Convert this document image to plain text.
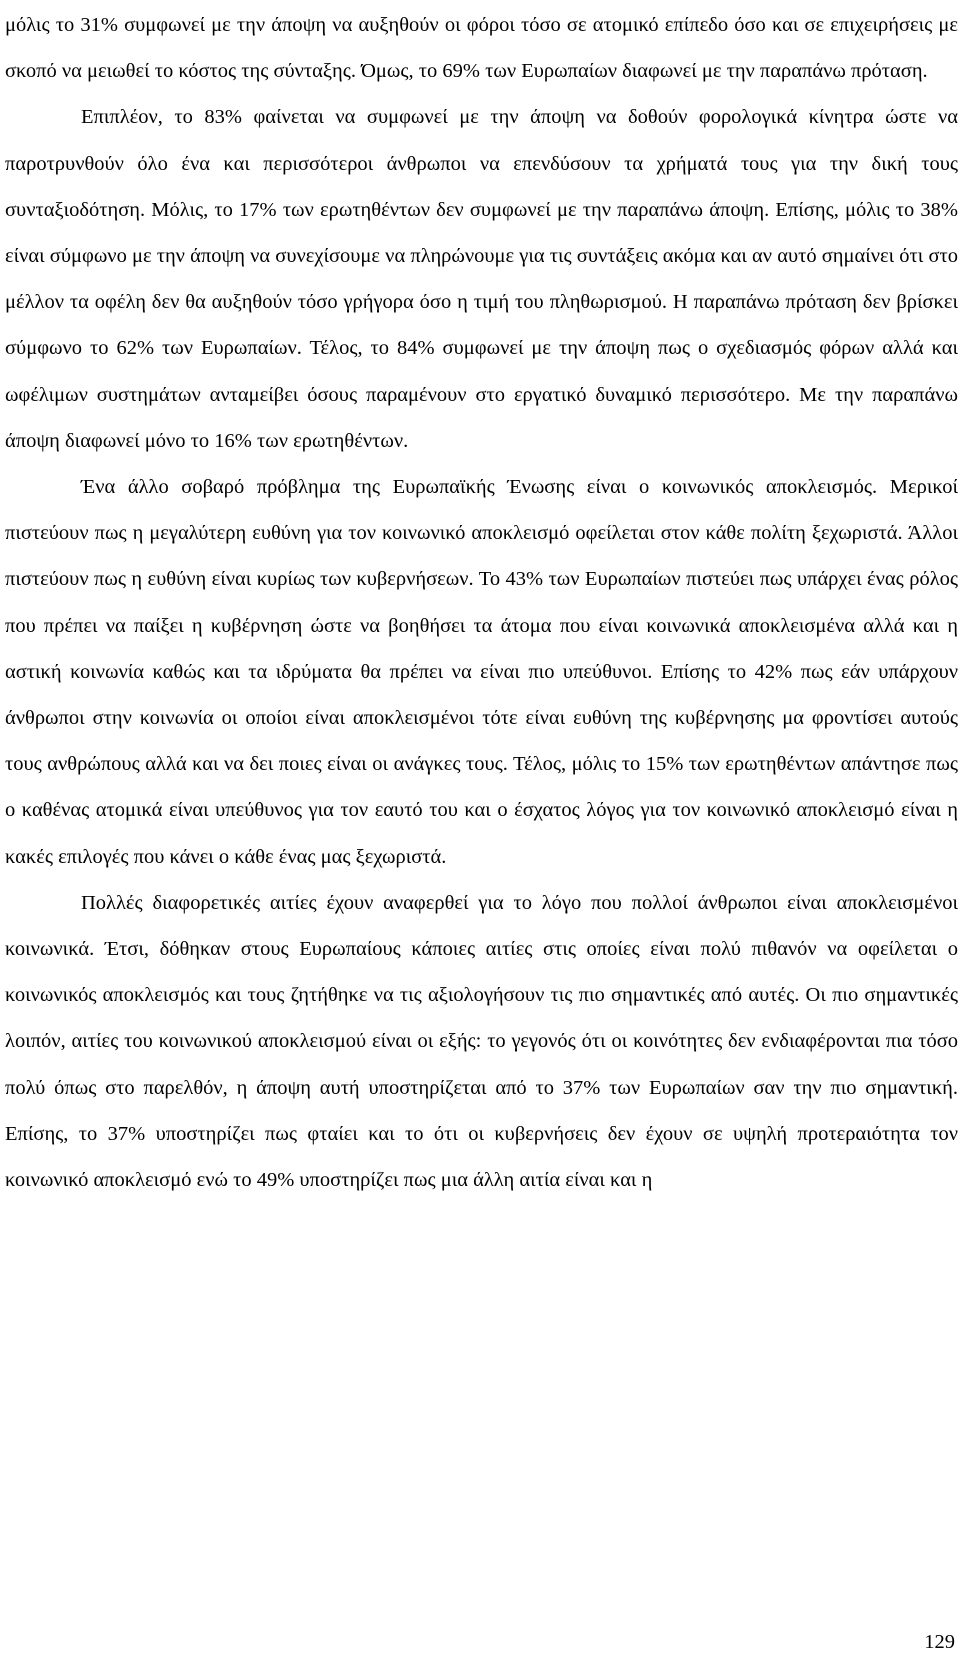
μόλις το 31% συμφωνεί με την άποψη να αυξηθούν οι φόροι τόσο σε ατομικό επίπεδο όσο και σε επιχειρήσεις με σκοπό να μειωθεί το κόστος της σύνταξης. Όμως, το 69% των Ευρωπαίων διαφωνεί με την παραπάνω πρόταση.

Επιπλέον, το 83% φαίνεται να συμφωνεί με την άποψη να δοθούν φορολογικά κίνητρα ώστε να παροτρυνθούν όλο ένα και περισσότεροι άνθρωποι να επενδύσουν τα χρήματά τους για την δική τους συνταξιοδότηση. Μόλις, το 17% των ερωτηθέντων δεν συμφωνεί με την παραπάνω άποψη. Επίσης, μόλις το 38% είναι σύμφωνο με την άποψη να συνεχίσουμε να πληρώνουμε για τις συντάξεις ακόμα και αν αυτό σημαίνει ότι στο μέλλον τα οφέλη δεν θα αυξηθούν τόσο γρήγορα όσο η τιμή του πληθωρισμού. Η παραπάνω πρόταση δεν βρίσκει σύμφωνο το 62% των Ευρωπαίων. Τέλος, το 84% συμφωνεί με την άποψη πως ο σχεδιασμός φόρων αλλά και ωφέλιμων συστημάτων ανταμείβει όσους παραμένουν στο εργατικό δυναμικό περισσότερο. Με την παραπάνω άποψη διαφωνεί μόνο το 16% των ερωτηθέντων.

Ένα άλλο σοβαρό πρόβλημα της Ευρωπαϊκής Ένωσης είναι ο κοινωνικός αποκλεισμός. Μερικοί πιστεύουν πως η μεγαλύτερη ευθύνη για τον κοινωνικό αποκλεισμό οφείλεται στον κάθε πολίτη ξεχωριστά. Άλλοι πιστεύουν πως η ευθύνη είναι κυρίως των κυβερνήσεων. Το 43% των Ευρωπαίων πιστεύει πως υπάρχει ένας ρόλος που πρέπει να παίξει η κυβέρνηση ώστε να βοηθήσει τα άτομα που είναι κοινωνικά αποκλεισμένα αλλά και η αστική κοινωνία καθώς και τα ιδρύματα θα πρέπει να είναι πιο υπεύθυνοι. Επίσης το 42% πως εάν υπάρχουν άνθρωποι στην κοινωνία οι οποίοι είναι αποκλεισμένοι τότε είναι ευθύνη της κυβέρνησης μα φροντίσει αυτούς τους ανθρώπους αλλά και να δει ποιες είναι οι ανάγκες τους. Τέλος, μόλις το 15% των ερωτηθέντων απάντησε πως ο καθένας ατομικά είναι υπεύθυνος για τον εαυτό του και ο έσχατος λόγος για τον κοινωνικό αποκλεισμό είναι η κακές επιλογές που κάνει ο κάθε ένας μας ξεχωριστά.

Πολλές διαφορετικές αιτίες έχουν αναφερθεί για το λόγο που πολλοί άνθρωποι είναι αποκλεισμένοι κοινωνικά. Έτσι, δόθηκαν στους Ευρωπαίους κάποιες αιτίες στις οποίες είναι πολύ πιθανόν να οφείλεται ο κοινωνικός αποκλεισμός και τους ζητήθηκε να τις αξιολογήσουν τις πιο σημαντικές από αυτές. Οι πιο σημαντικές λοιπόν, αιτίες του κοινωνικού αποκλεισμού είναι οι εξής: το γεγονός ότι οι κοινότητες δεν ενδιαφέρονται πια τόσο πολύ όπως στο παρελθόν, η άποψη αυτή υποστηρίζεται από το 37% των Ευρωπαίων σαν την πιο σημαντική. Επίσης, το 37% υποστηρίζει πως φταίει και το ότι οι κυβερνήσεις δεν έχουν σε υψηλή προτεραιότητα τον κοινωνικό αποκλεισμό ενώ το 49% υποστηρίζει πως μια άλλη αιτία είναι και η

129
